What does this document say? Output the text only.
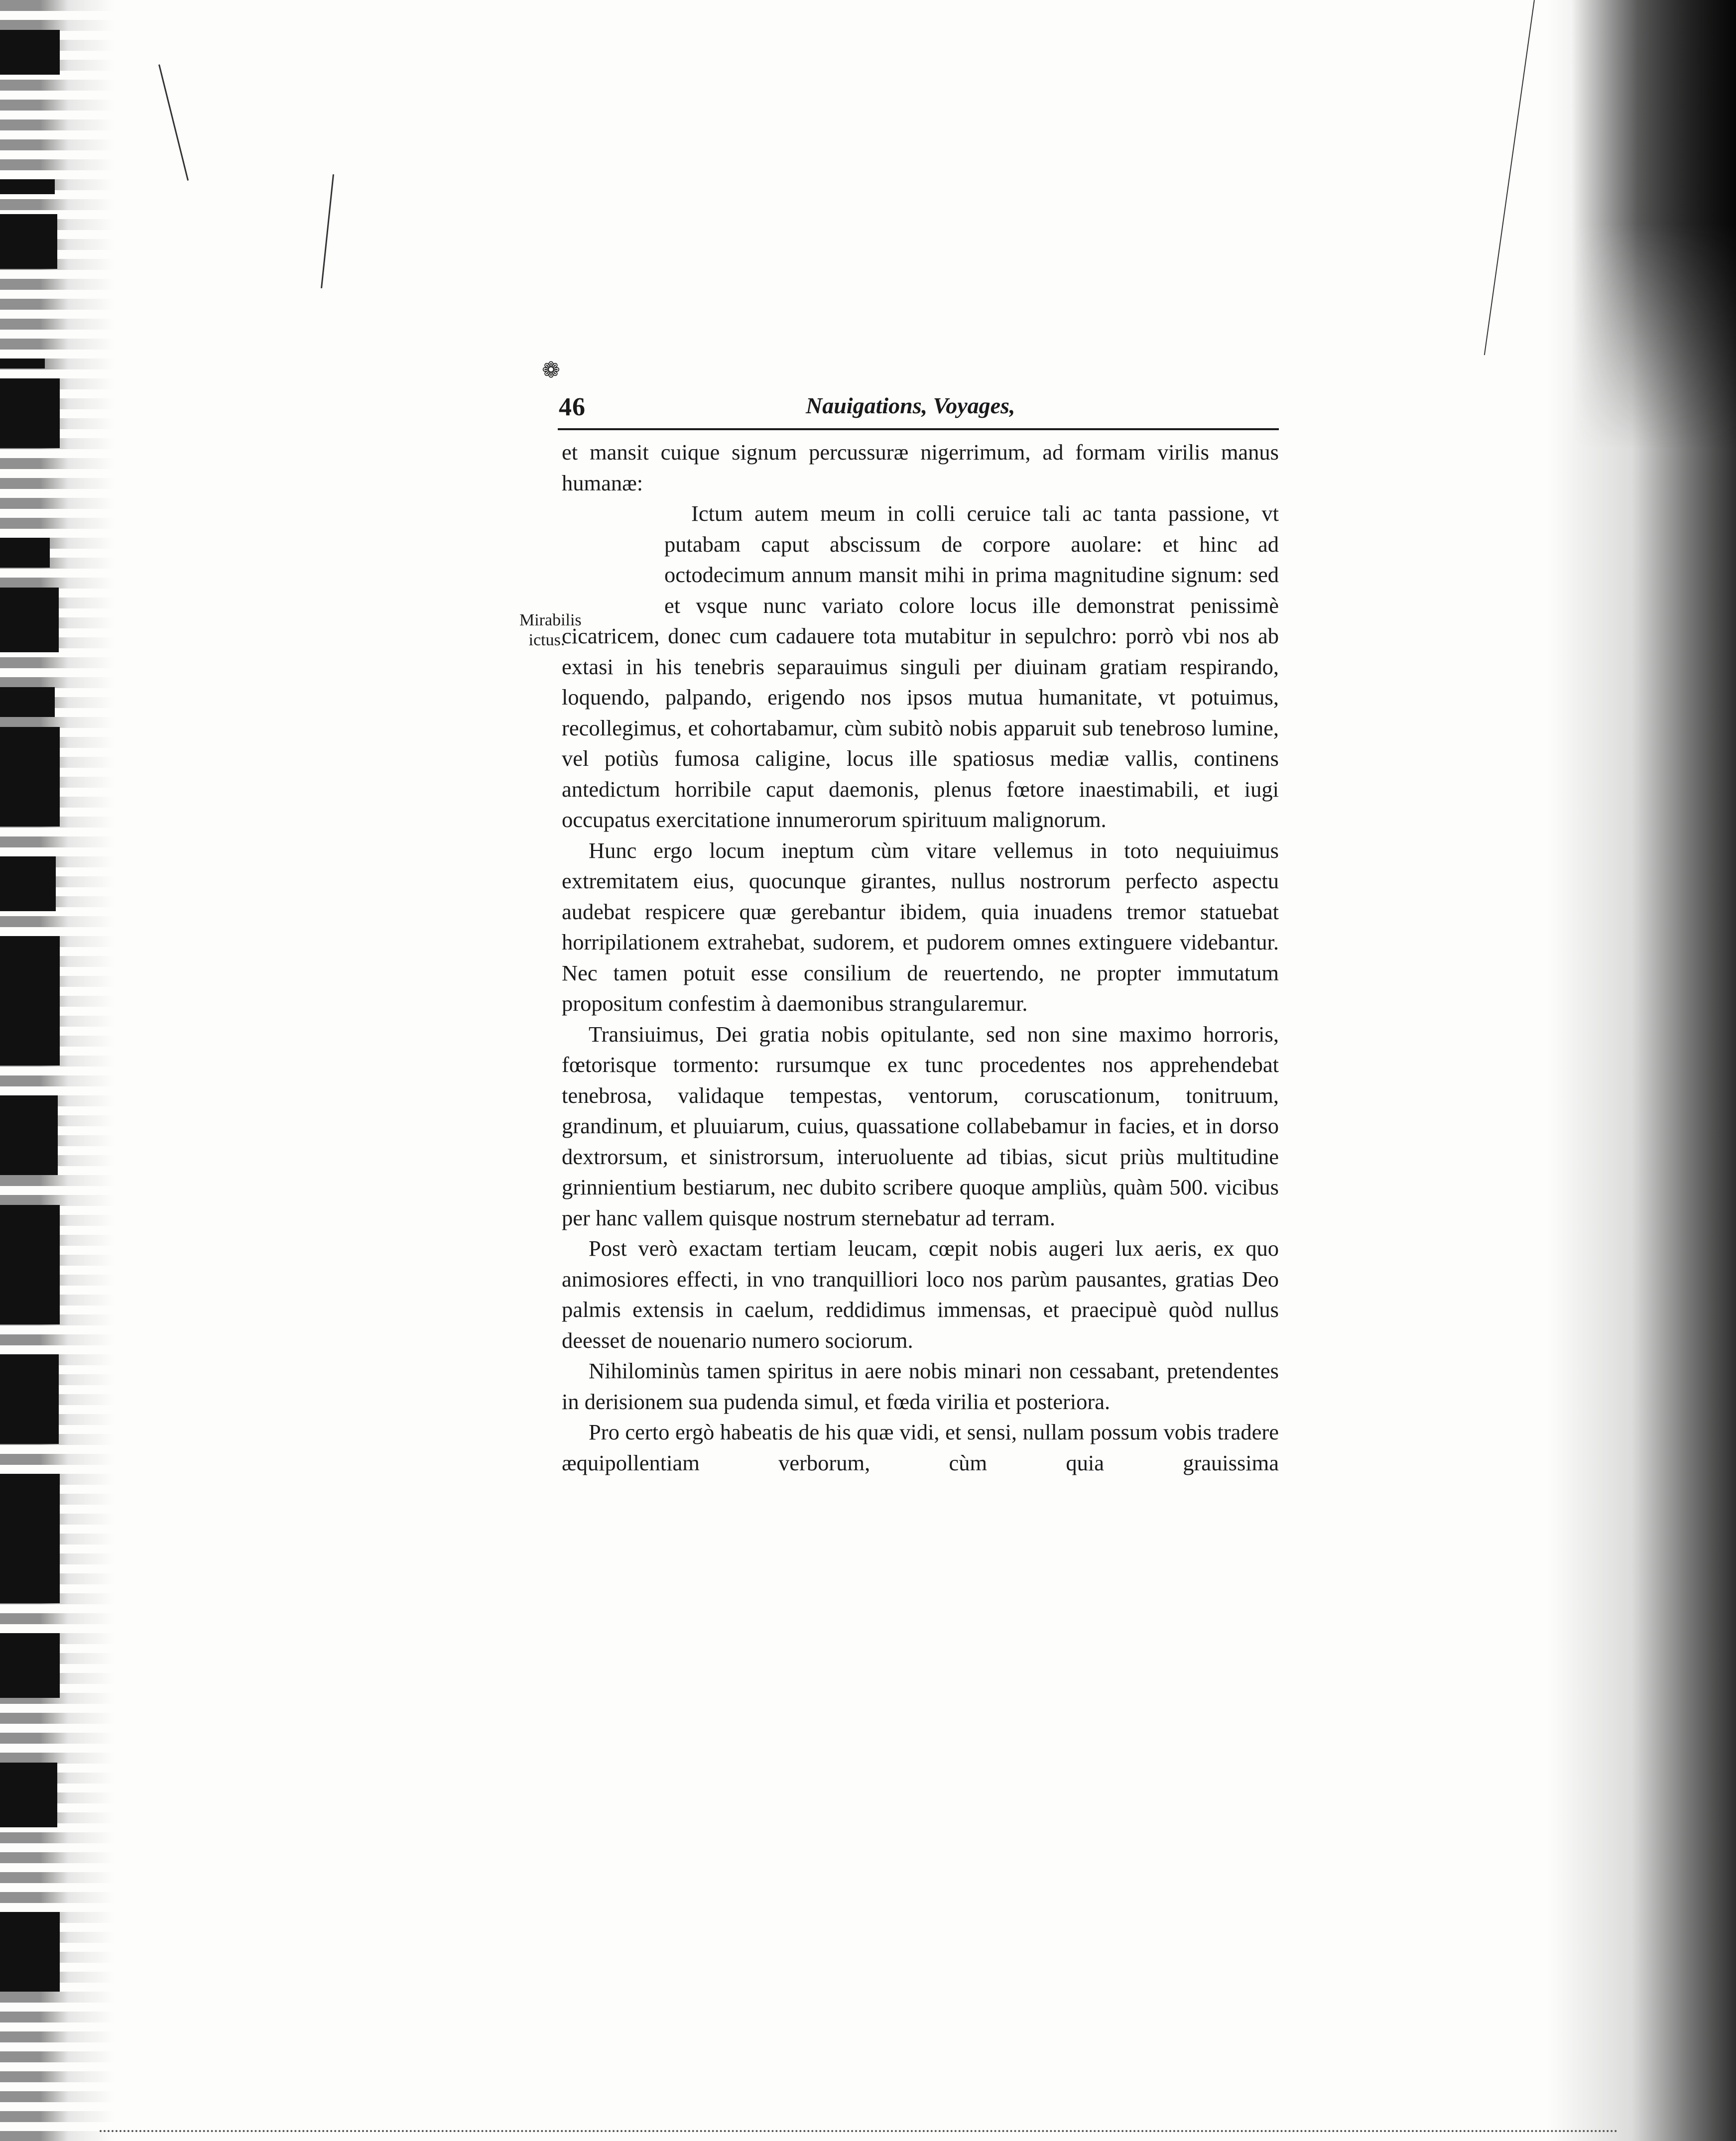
❁
46	Nauigations, Voyages,
Mirabilis ictus.

et mansit cuique signum percussuræ nigerrimum, ad formam virilis manus humanæ:

Ictum autem meum in colli ceruice tali ac tanta passione, vt putabam caput abscissum de corpore auolare: et hinc ad octodecimum annum mansit mihi in prima magnitudine signum: sed et vsque nunc variato colore locus ille demonstrat penissimè cicatricem, donec cum cadauere tota mutabitur in sepulchro: porrò vbi nos ab extasi in his tenebris separauimus singuli per diuinam gratiam respirando, loquendo, palpando, erigendo nos ipsos mutua humanitate, vt potuimus, recollegimus, et cohortabamur, cùm subitò nobis apparuit sub tenebroso lumine, vel potiùs fumosa caligine, locus ille spatiosus mediæ vallis, continens antedictum horribile caput daemonis, plenus fœtore inaestimabili, et iugi occupatus exercitatione innumerorum spirituum malignorum.

Hunc ergo locum ineptum cùm vitare vellemus in toto nequiuimus extremitatem eius, quocunque girantes, nullus nostrorum perfecto aspectu audebat respicere quæ gerebantur ibidem, quia inuadens tremor statuebat horripilationem extrahebat, sudorem, et pudorem omnes extinguere videbantur. Nec tamen potuit esse consilium de reuertendo, ne propter immutatum propositum confestim à daemonibus strangularemur.

Transiuimus, Dei gratia nobis opitulante, sed non sine maximo horroris, fœtorisque tormento: rursumque ex tunc procedentes nos apprehendebat tenebrosa, validaque tempestas, ventorum, coruscationum, tonitruum, grandinum, et pluuiarum, cuius, quassatione collabebamur in facies, et in dorso dextrorsum, et sinistrorsum, interuoluente ad tibias, sicut priùs multitudine grinnientium bestiarum, nec dubito scribere quoque ampliùs, quàm 500. vicibus per hanc vallem quisque nostrum sternebatur ad terram.

Post verò exactam tertiam leucam, cœpit nobis augeri lux aeris, ex quo animosiores effecti, in vno tranquilliori loco nos parùm pausantes, gratias Deo palmis extensis in caelum, reddidimus immensas, et praecipuè quòd nullus deesset de nouenario numero sociorum.

Nihilominùs tamen spiritus in aere nobis minari non cessabant, pretendentes in derisionem sua pudenda simul, et fœda virilia et posteriora.

Pro certo ergò habeatis de his quæ vidi, et sensi, nullam possum vobis tradere æquipollentiam verborum, cùm quia grauissima
